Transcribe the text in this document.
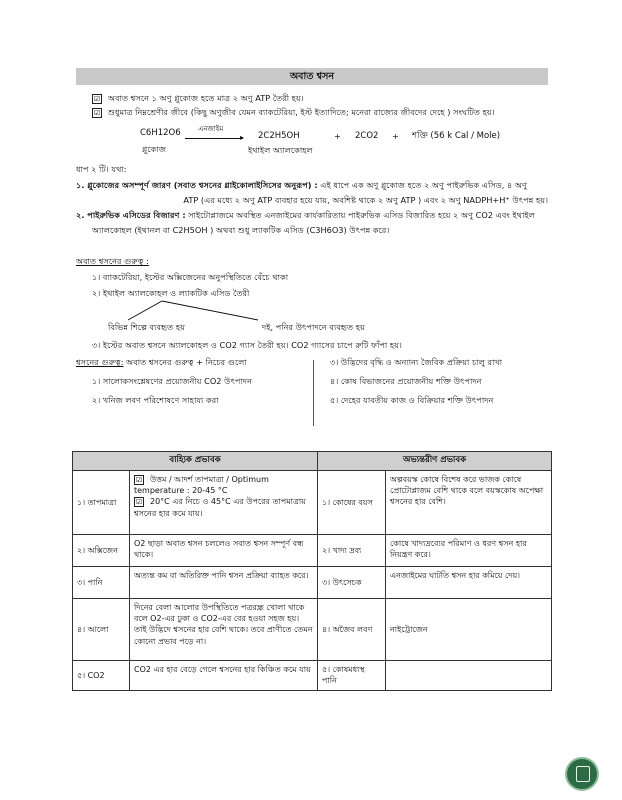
অবাত শ্বসন
☑ অবাত শ্বসনে ১ অণু গ্লুকোজ হতে মাত্র ২ অণু ATP তৈরী হয়।
☑ শুধুমাত্র নিম্নশ্রেণীর জীবে (কিছু অণুজীব যেমন ব্যাকটেরিয়া, ইস্ট ইত্যাদিতে; মনেরা রাজ্যের জীবদের দেহে ) সংঘটিত হয়।
C6H12O6
গ্লুকোজ
এনজাইম
▸ 2C2H5OH
ইথাইল অ্যালকোহল
+ 2CO2 + শক্তি (56 k Cal / Mole)
ধাপ ২ টি। যথা:
১. গ্লুকোজের অসম্পূর্ণ জারণ (সবাত শ্বসনের গ্লাইকোলাইসিসের অনুরূপ) : এই ধাপে এক অণু গ্লুকোজ হতে ২ অণু পাইরুভিক এসিড, ৪ অণু
ATP (এর মধ্যে ২ অণু ATP ব্যবহার হয়ে যায়, অবশিষ্ট থাকে ২ অণু ATP ) এবং ২ অণু NADPH+H⁺ উৎপন্ন হয়।
২. পাইরুভিক এসিডের বিজারণ : সাইটোপ্লাজমে অবস্থিত এনজাইমের কার্যকারিতায় পাইরুভিক এসিড বিজারিত হয়ে ২ অণু CO2 এবং ইথাইল
অ্যালকোহল (ইথানল বা C2H5OH ) অথবা শুধু ল্যাকটিক এসিড (C3H6O3) উৎপন্ন করে।
অবাত শ্বসনের গুরুত্ব :
১। ব্যাকটেরিয়া, ইস্টের অক্সিজেনের অনুপস্থিতিতে বেঁচে থাকা
২। ইথাইল অ্যালকোহল ও ল্যাকটিক এসিড তৈরী
বিভিন্ন শিল্পে ব্যবহৃত হয়	দই, পনির উৎপাদনে ব্যবহৃত হয়
৩। ইস্টের অবাত শ্বসনে অ্যালকোহল ও CO2 গ্যাস তৈরী হয়। CO2 গ্যাসের চাপে রুটি ফাঁপা হয়।
শ্বসনের গুরুত্ব: অবাত শ্বসনের গুরুত্ব + নিচের গুলো
১। সালোকসংশ্লেষণের প্রয়োজনীয় CO2 উৎপাদন
২। খনিজ লবণ পরিশোষণে সাহায্য করা
৩। উদ্ভিদের বৃদ্ধি ও অন্যান্য জৈবিক প্রক্রিয়া চালু রাখা
৪। কোষ বিভাজনের প্রয়োজনীয় শক্তি উৎপাদন
৫। দেহের যাবতীয় কাজ ও বিক্রিয়ার শক্তি উৎপাদন
বাহ্যিক প্রভাবক		অভ্যন্তরীণ প্রভাবক	
১। তাপমাত্রা	☑ উত্তম / আদর্শ তাপমাত্রা / Optimum temperature : 20-45 °C
☑ 20°C এর নিচে ও 45°C এর উপরের তাপমাত্রায় শ্বসনের হার কমে যায়।	১। কোষের বয়স	অল্পবয়স্ক কোষে বিশেষ করে ভাজক কোষে প্রোটোপ্লাজম বেশি থাকে বলে বয়স্ককোষ অপেক্ষা শ্বসনের হার বেশি।
২। অক্সিজেন	O2 ছাড়া অবাত শ্বসন চললেও সবাত শ্বসন সম্পূর্ণ বন্ধ থাকে।	২। খাদ্য দ্রব্য	কোষে খাদ্যদ্রব্যের পরিমাণ ও ধরণ শ্বসন হার নিয়ন্ত্রণ করে।
৩। পানি	অত্যন্ত কম বা অতিরিক্ত পানি শ্বসন প্রক্রিয়া ব্যাহত করে।	৩। উৎসেচক	এনজাইমের ঘাটতি শ্বসন হার কমিয়ে দেয়।
৪। আলো	দিনের বেলা আলোর উপস্থিতিতে পত্ররন্ধ্র খোলা থাকে বলে O2-এর ঢুকা ও CO2-এর বের হওয়া সহজ হয়। তাই উদ্ভিদে শ্বসনের হার বেশি থাকে। তবে প্রাণীতে তেমন কোনো প্রভাব পড়ে না।	৪। অজৈব লবণ	নাইট্রোজেন
৫। CO2	CO2 এর হার বেড়ে গেলে শ্বসনের হার কিঞ্চিত কমে যায়	৫। কোষমধ্যস্থ পানি	
